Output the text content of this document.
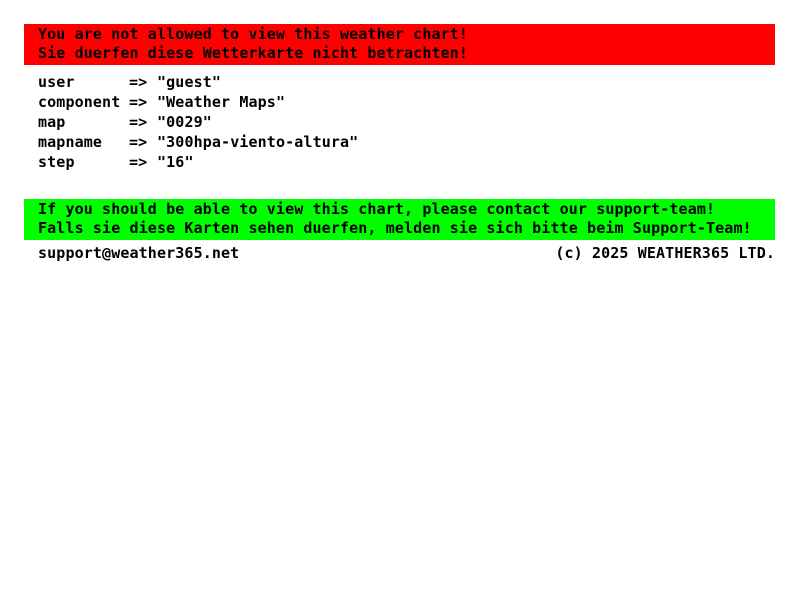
You are not allowed to view this weather chart!
Sie duerfen diese Wetterkarte nicht betrachten!
user	=> "guest"
component => "Weather Maps"
map	=> "0029"
mapname	=> "300hpa-viento-altura"
step	=> "16"
If you should be able to view this chart, please contact our support-team!
Falls sie diese Karten sehen duerfen, melden sie sich bitte beim Support-Team!
support@weather365.net	(c) 2025 WEATHER365 LTD.
